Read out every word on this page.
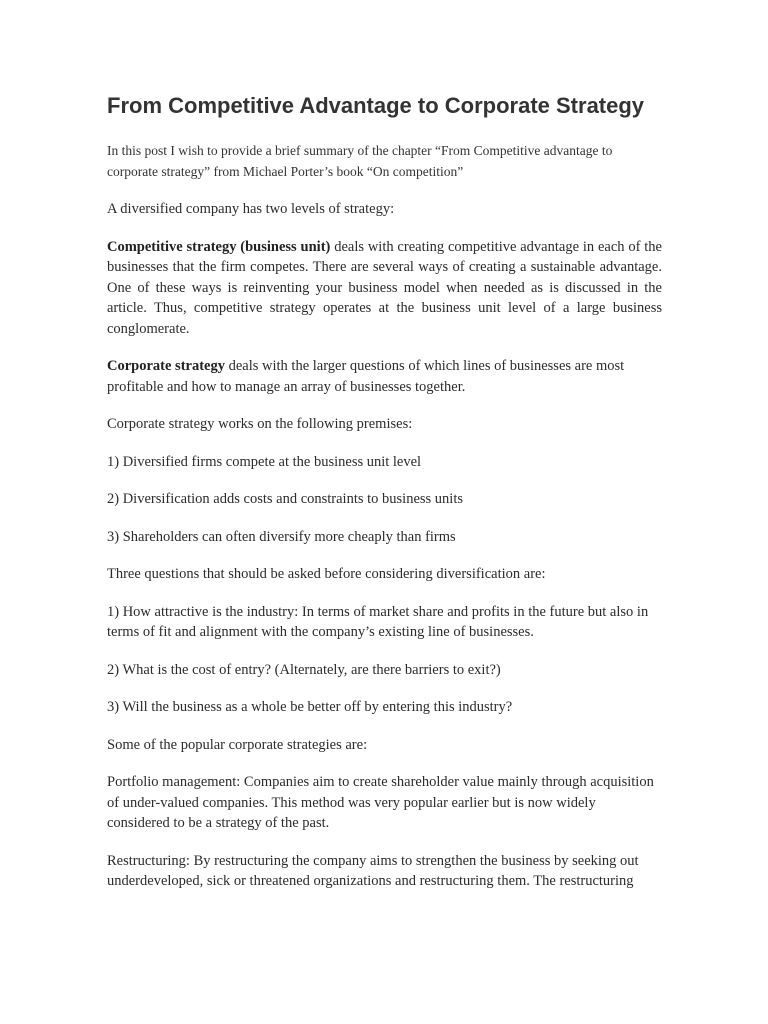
From Competitive Advantage to Corporate Strategy

In this post I wish to provide a brief summary of the chapter “From Competitive advantage to corporate strategy” from Michael Porter’s book “On competition”

A diversified company has two levels of strategy:

Competitive strategy (business unit) deals with creating competitive advantage in each of the businesses that the firm competes. There are several ways of creating a sustainable advantage. One of these ways is reinventing your business model when needed as is discussed in the article. Thus, competitive strategy operates at the business unit level of a large business conglomerate.

Corporate strategy deals with the larger questions of which lines of businesses are most profitable and how to manage an array of businesses together.

Corporate strategy works on the following premises:

1) Diversified firms compete at the business unit level

2) Diversification adds costs and constraints to business units

3) Shareholders can often diversify more cheaply than firms

Three questions that should be asked before considering diversification are:

1) How attractive is the industry: In terms of market share and profits in the future but also in terms of fit and alignment with the company’s existing line of businesses.

2) What is the cost of entry? (Alternately, are there barriers to exit?)

3) Will the business as a whole be better off by entering this industry?

Some of the popular corporate strategies are:

Portfolio management: Companies aim to create shareholder value mainly through acquisition of under-valued companies. This method was very popular earlier but is now widely considered to be a strategy of the past.

Restructuring: By restructuring the company aims to strengthen the business by seeking out underdeveloped, sick or threatened organizations and restructuring them. The restructuring
